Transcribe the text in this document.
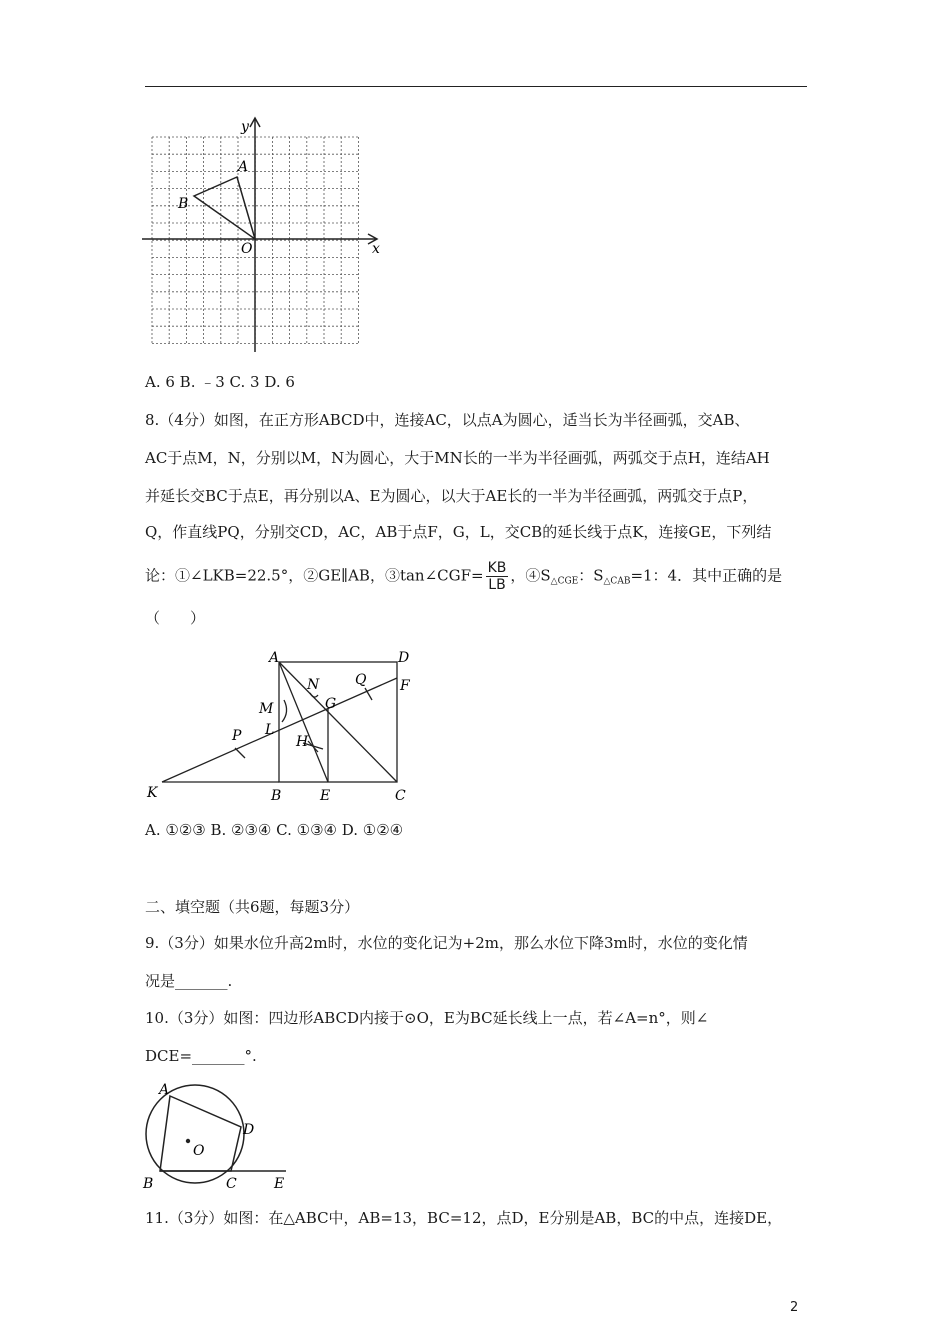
x
y
A
B
O
A. 6 B. ﹣3 C. 3 D. 6
8.（4分）如图，在正方形ABCD中，连接AC，以点A为圆心，适当长为半径画弧，交AB、
AC于点M，N，分别以M，N为圆心，大于MN长的一半为半径画弧，两弧交于点H，连结AH
并延长交BC于点E，再分别以A、E为圆心，以大于AE长的一半为半径画弧，两弧交于点P，
Q，作直线PQ，分别交CD，AC，AB于点F，G，L，交CB的延长线于点K，连接GE，下列结
论：①∠LKB=22.5°，②GE∥AB，③tan∠CGF= $\frac{KB}{LB}$ ，$④S_{\triangle CGE}$：$S_{\triangle CAB}=1$：4．其中正确的是
（　　）
A	D
N	Q F
M	G
L
P	H
K	B	E	C
A. ①②③ B. ②③④ C. ①③④ D. ①②④
二、填空题（共6题，每题3分）
9.（3分）如果水位升高2m时，水位的变化记为+2m，那么水位下降3m时，水位的变化情
况是_______.
10.（3分）如图：四边形ABCD内接于⊙O，E为BC延长线上一点，若∠A=n°，则∠
DCE=_______°.
A
D
O
B	C	E
11.（3分）如图：在△ABC中，AB=13，BC=12，点D，E分别是AB，BC的中点，连接DE，
2
